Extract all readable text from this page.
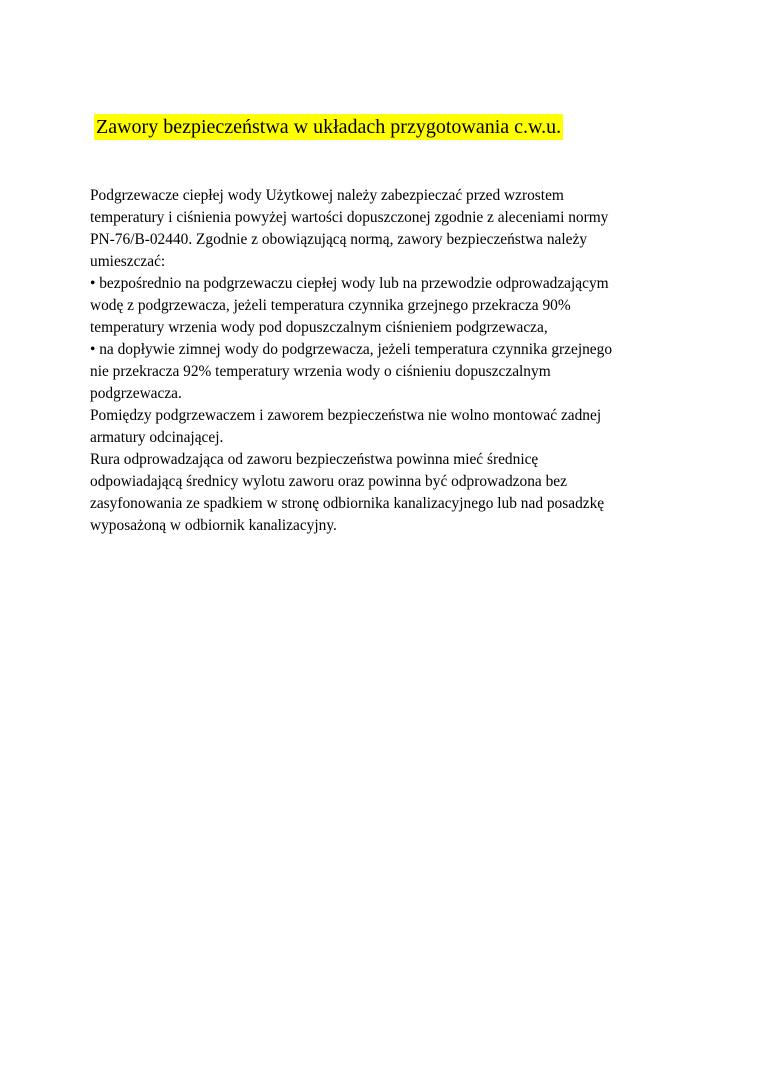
Zawory bezpieczeństwa w układach przygotowania c.w.u.
Podgrzewacze ciepłej wody Użytkowej należy zabezpieczać przed wzrostem
temperatury i ciśnienia powyżej wartości dopuszczonej zgodnie z aleceniami normy
PN-76/B-02440. Zgodnie z obowiązującą normą, zawory bezpieczeństwa należy
umieszczać:
• bezpośrednio na podgrzewaczu ciepłej wody lub na przewodzie odprowadzającym
wodę z podgrzewacza, jeżeli temperatura czynnika grzejnego przekracza 90%
temperatury wrzenia wody pod dopuszczalnym ciśnieniem podgrzewacza,
• na dopływie zimnej wody do podgrzewacza, jeżeli temperatura czynnika grzejnego
nie przekracza 92% temperatury wrzenia wody o ciśnieniu dopuszczalnym
podgrzewacza.
Pomiędzy podgrzewaczem i zaworem bezpieczeństwa nie wolno montować zadnej
armatury odcinającej.
Rura odprowadzająca od zaworu bezpieczeństwa powinna mieć średnicę
odpowiadającą średnicy wylotu zaworu oraz powinna być odprowadzona bez
zasyfonowania ze spadkiem w stronę odbiornika kanalizacyjnego lub nad posadzkę
wyposażoną w odbiornik kanalizacyjny.
